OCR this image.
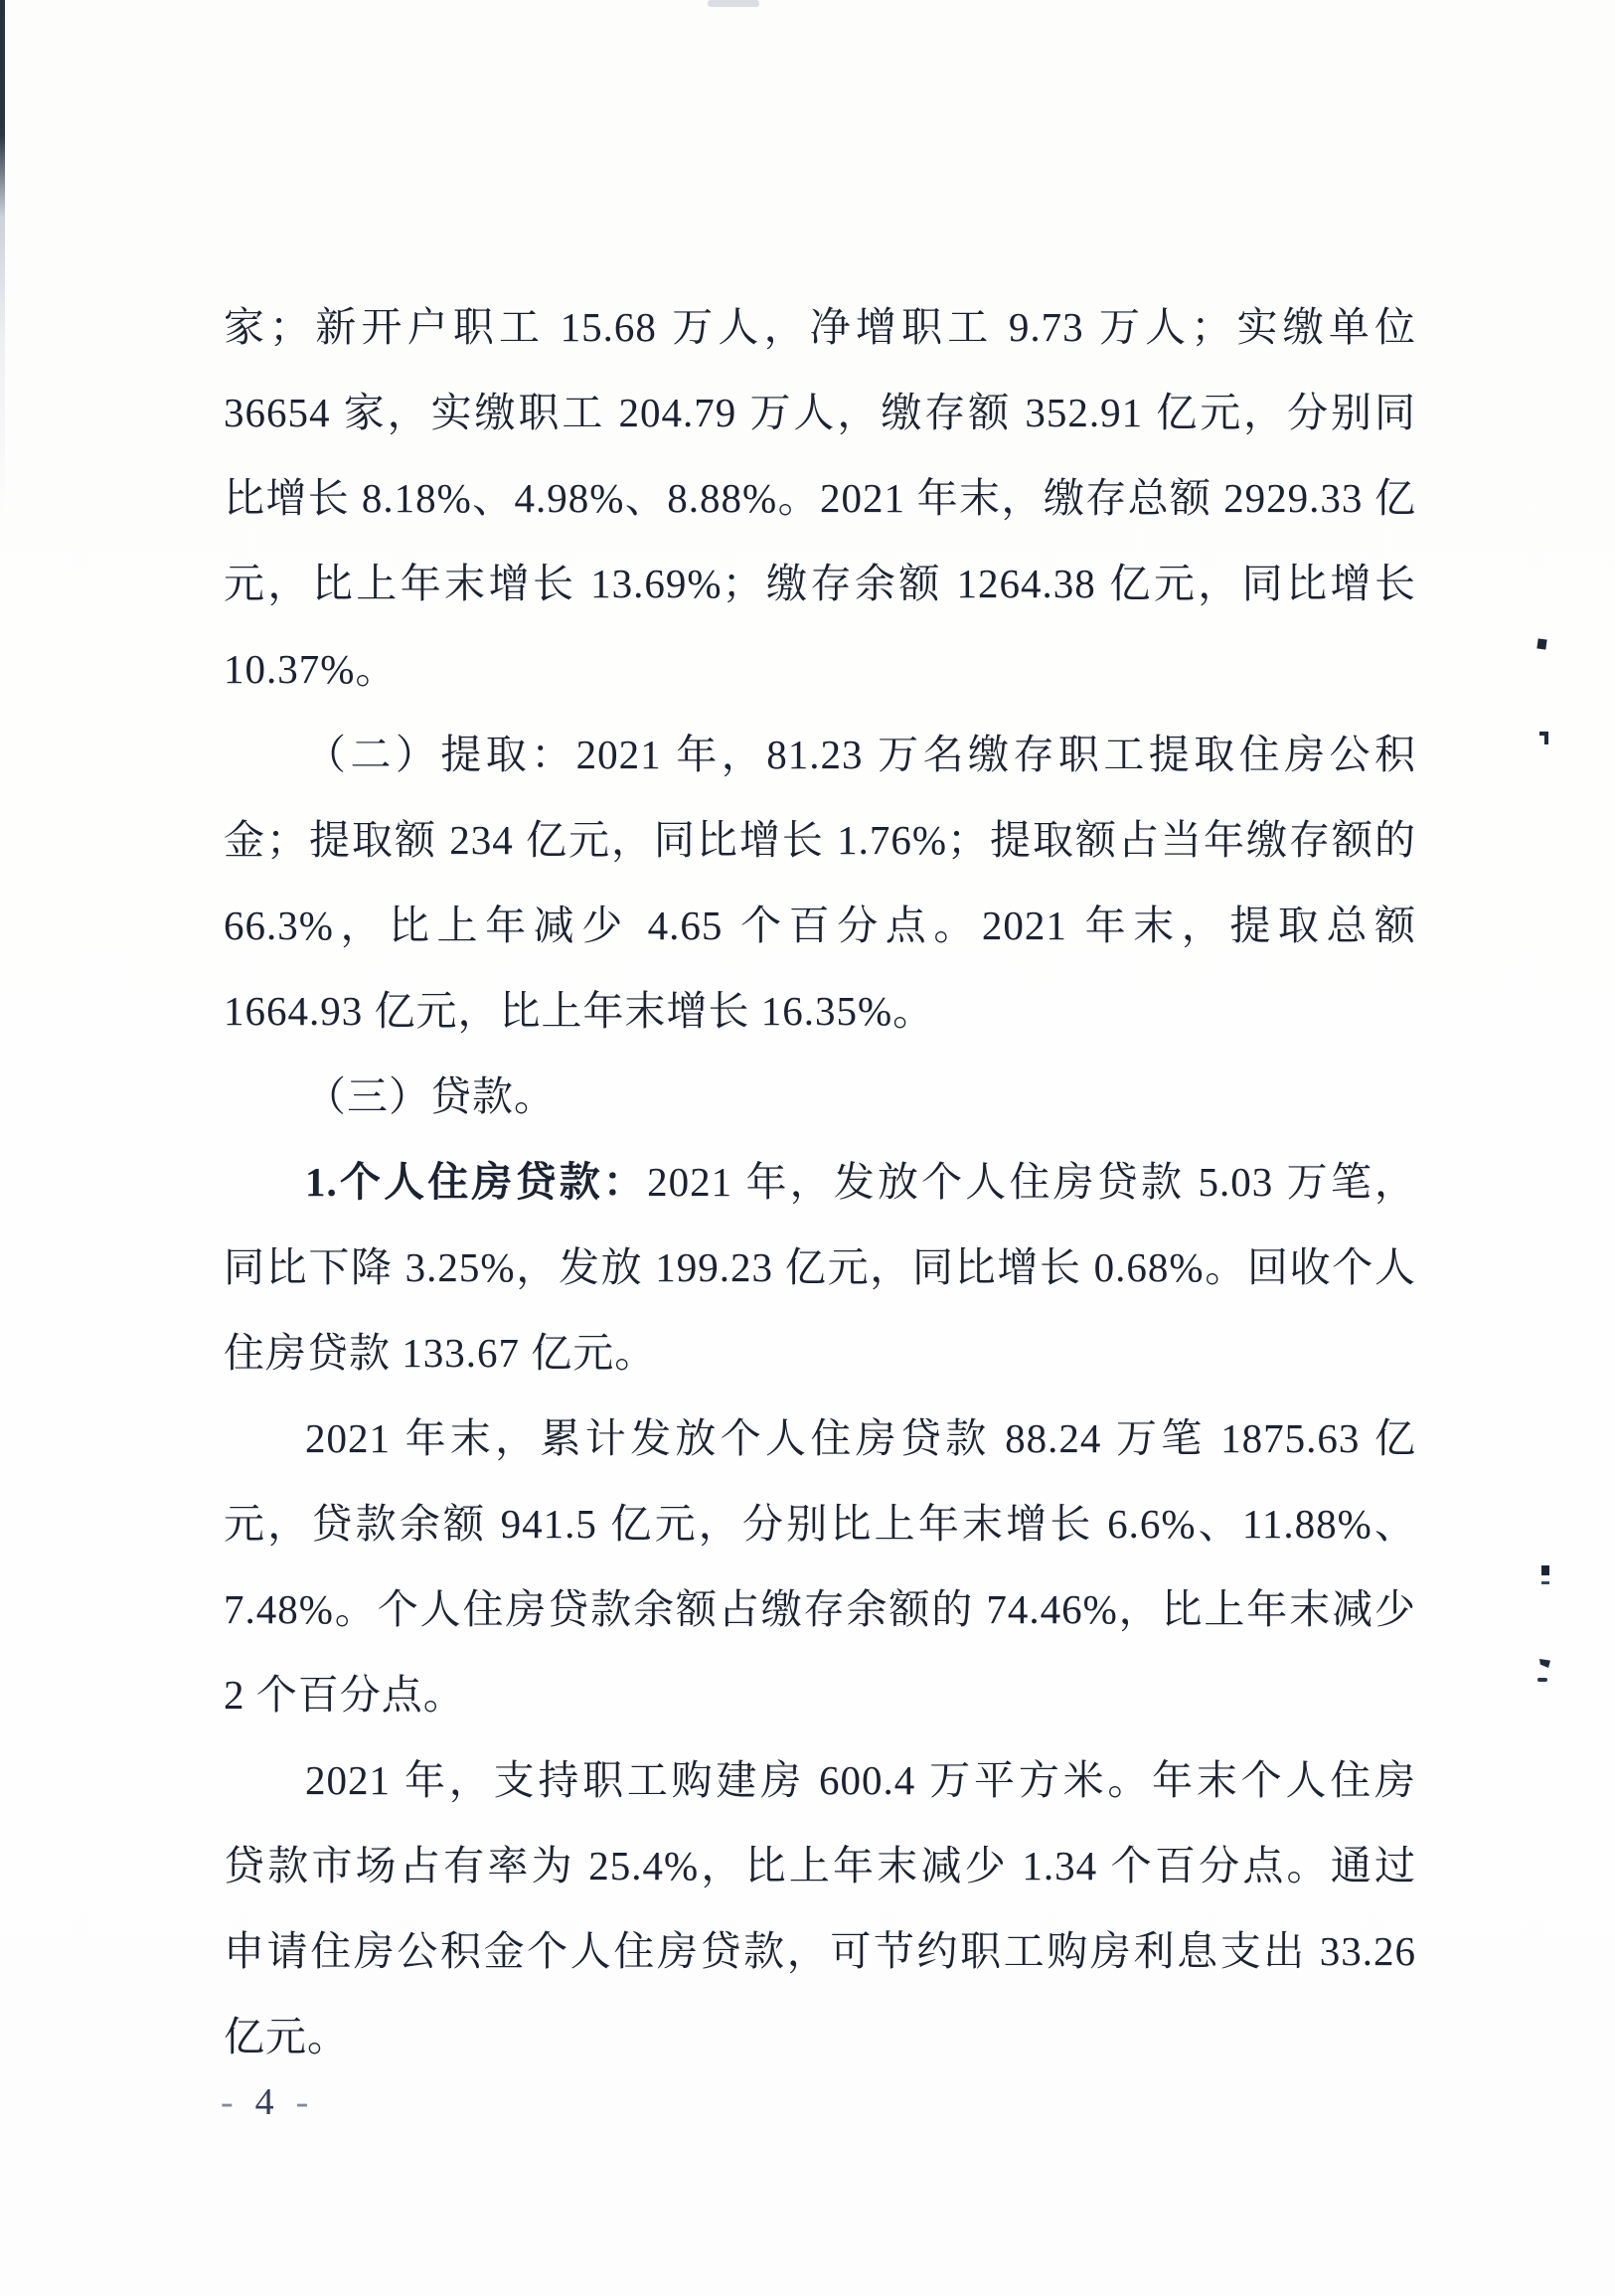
家；新开户职工 15.68 万人，净增职工 9.73 万人；实缴单位
36654 家，实缴职工 204.79 万人，缴存额 352.91 亿元，分别同
比增长 8.18%、4.98%、8.88%。2021 年末，缴存总额 2929.33 亿
元，比上年末增长 13.69%；缴存余额 1264.38 亿元，同比增长
10.37%。
（二）提取：2021 年，81.23 万名缴存职工提取住房公积
金；提取额 234 亿元，同比增长 1.76%；提取额占当年缴存额的
66.3%，比上年减少 4.65 个百分点。2021 年末，提取总额
1664.93 亿元，比上年末增长 16.35%。
（三）贷款。
1.个人住房贷款：2021 年，发放个人住房贷款 5.03 万笔，
同比下降 3.25%，发放 199.23 亿元，同比增长 0.68%。回收个人
住房贷款 133.67 亿元。
2021 年末，累计发放个人住房贷款 88.24 万笔 1875.63 亿
元，贷款余额 941.5 亿元，分别比上年末增长 6.6%、11.88%、
7.48%。个人住房贷款余额占缴存余额的 74.46%，比上年末减少
2 个百分点。
2021 年，支持职工购建房 600.4 万平方米。年末个人住房
贷款市场占有率为 25.4%，比上年末减少 1.34 个百分点。通过
申请住房公积金个人住房贷款，可节约职工购房利息支出 33.26
亿元。
- 4 -
